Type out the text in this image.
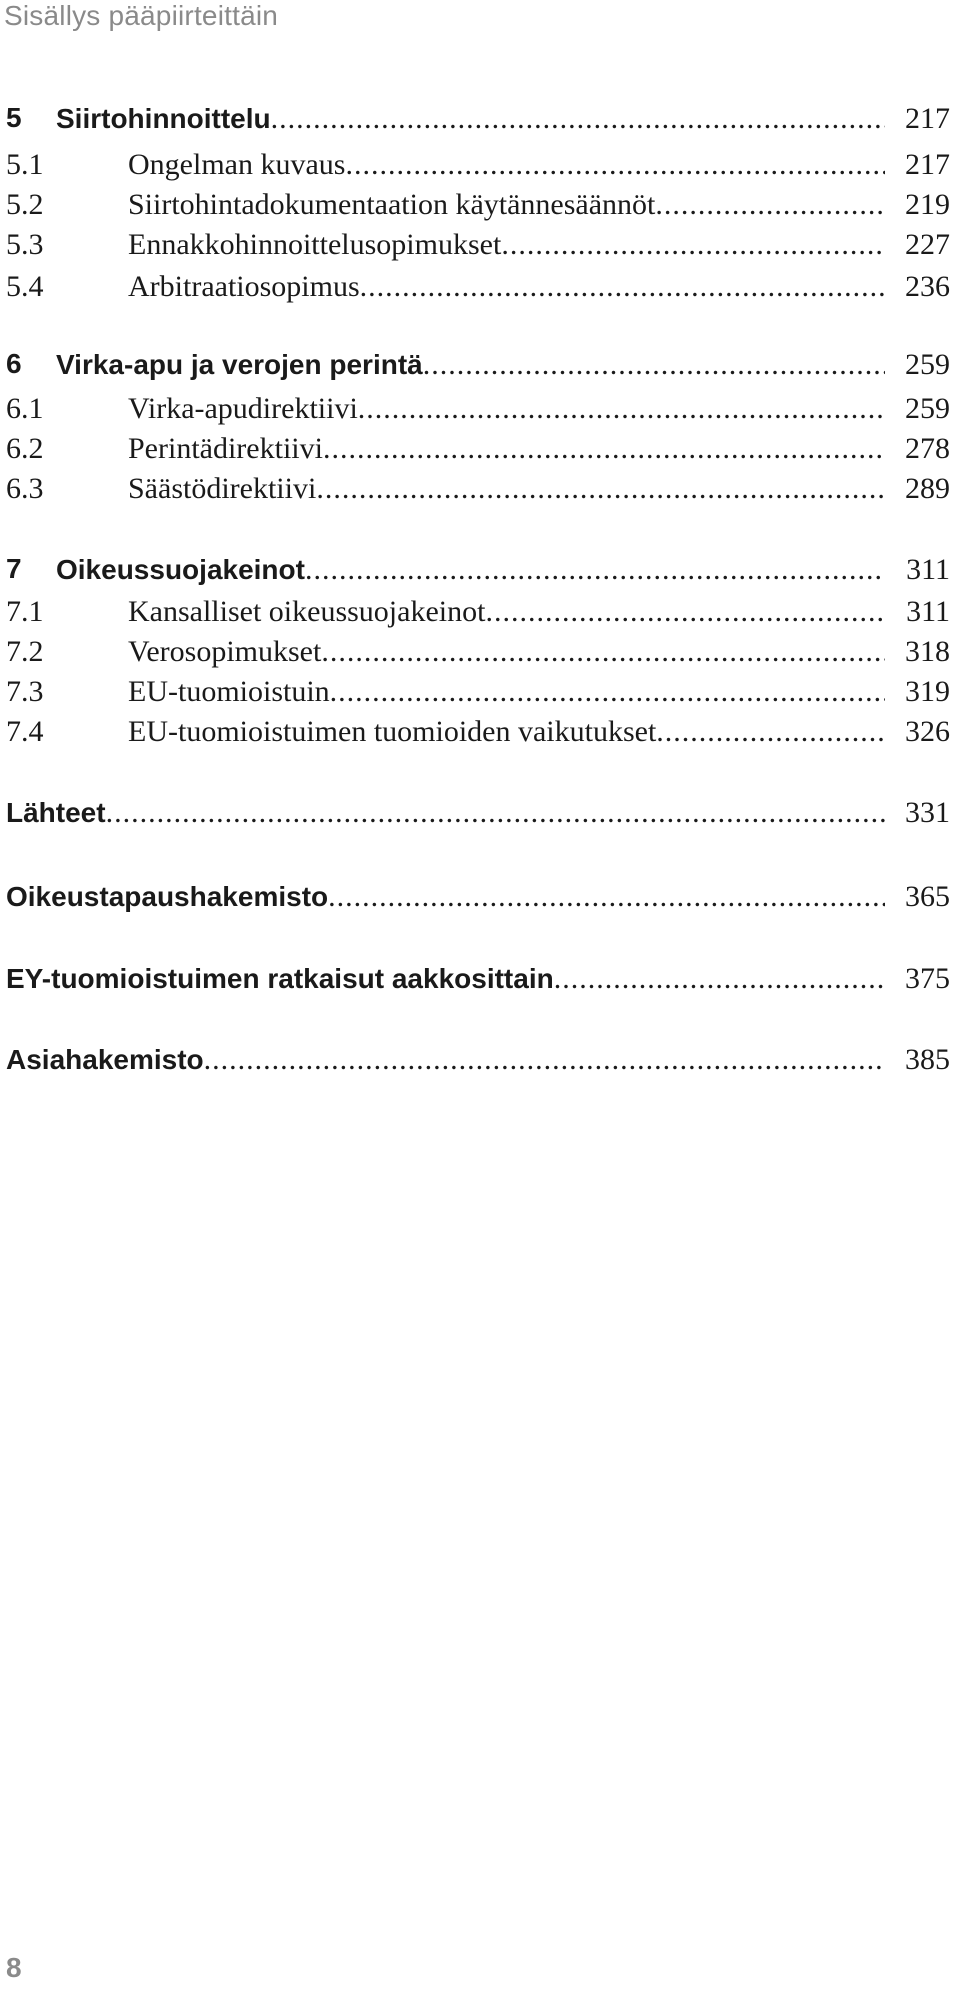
Sisällys pääpiirteittäin
5 Siirtohinnoittelu .....	217
5.1	Ongelman kuvaus .....	217
5.2	Siirtohintadokumentaation käytännesäännöt .....	219
5.3	Ennakkohinnoittelusopimukset .....	227
5.4	Arbitraatiosopimus .....	236
6 Virka-apu ja verojen perintä .....	259
6.1	Virka-apudirektiivi .....	259
6.2	Perintädirektiivi .....	278
6.3	Säästödirektiivi .....	289
7 Oikeussuojakeinot .....	311
7.1	Kansalliset oikeussuojakeinot .....	311
7.2	Verosopimukset .....	318
7.3	EU-tuomioistuin .....	319
7.4	EU-tuomioistuimen tuomioiden vaikutukset .....	326
Lähteet .....	331
Oikeustapaushakemisto .....	365
EY-tuomioistuimen ratkaisut aakkosittain .....	375
Asiahakemisto .....	385
8
